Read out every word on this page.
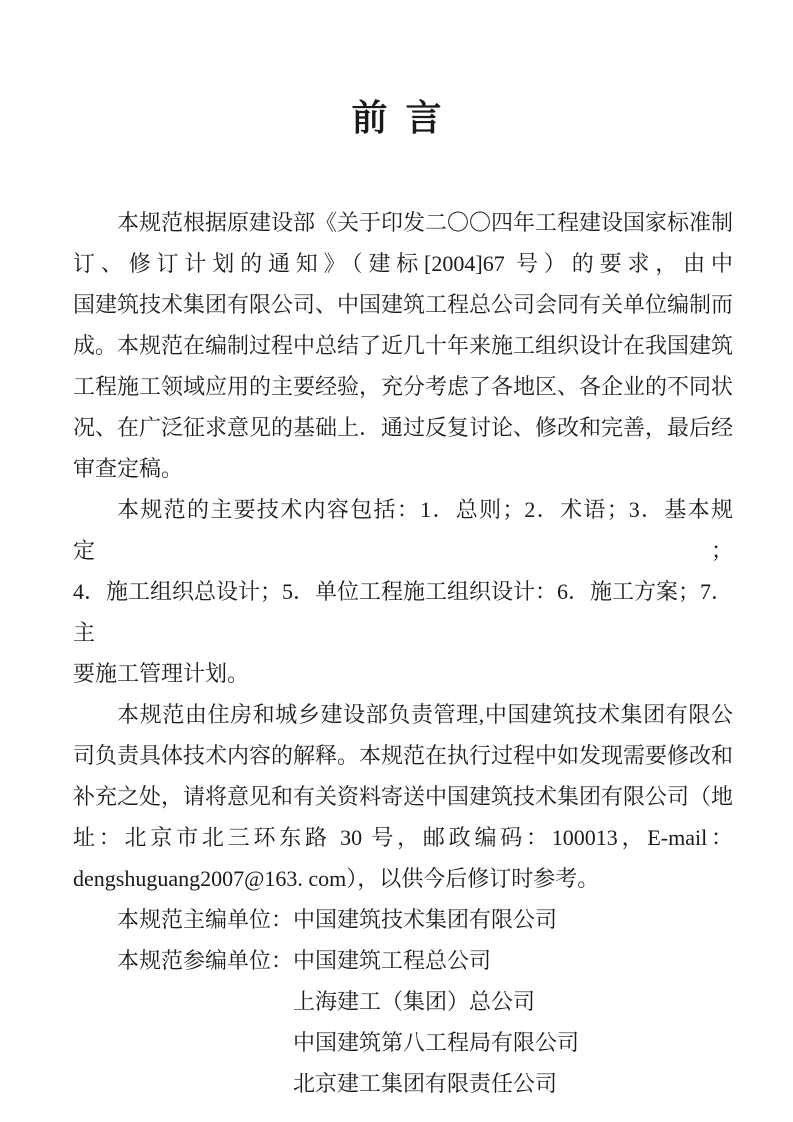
前言
本规范根据原建设部《关于印发二〇〇四年工程建设国家标准制
订、修订计划的通知》（建标[2004]67 号）的要求，由中
国建筑技术集团有限公司、中国建筑工程总公司会同有关单位编制而
成。本规范在编制过程中总结了近几十年来施工组织设计在我国建筑
工程施工领域应用的主要经验，充分考虑了各地区、各企业的不同状
况、在广泛征求意见的基础上．通过反复讨论、修改和完善，最后经
审查定稿。
本规范的主要技术内容包括：1．总则；2．术语；3．基本规定；
4．施工组织总设计；5．单位工程施工组织设计：6．施工方案；7．主
要施工管理计划。
本规范由住房和城乡建设部负责管理,中国建筑技术集团有限公
司负责具体技术内容的解释。本规范在执行过程中如发现需要修改和
补充之处，请将意见和有关资料寄送中国建筑技术集团有限公司（地
址：北京市北三环东路 30 号，邮政编码：100013，E-mail：
dengshuguang2007@163. com），以供今后修订时参考。
本规范主编单位：中国建筑技术集团有限公司
本规范参编单位：中国建筑工程总公司
上海建工（集团）总公司
中国建筑第八工程局有限公司
北京建工集团有限责任公司
